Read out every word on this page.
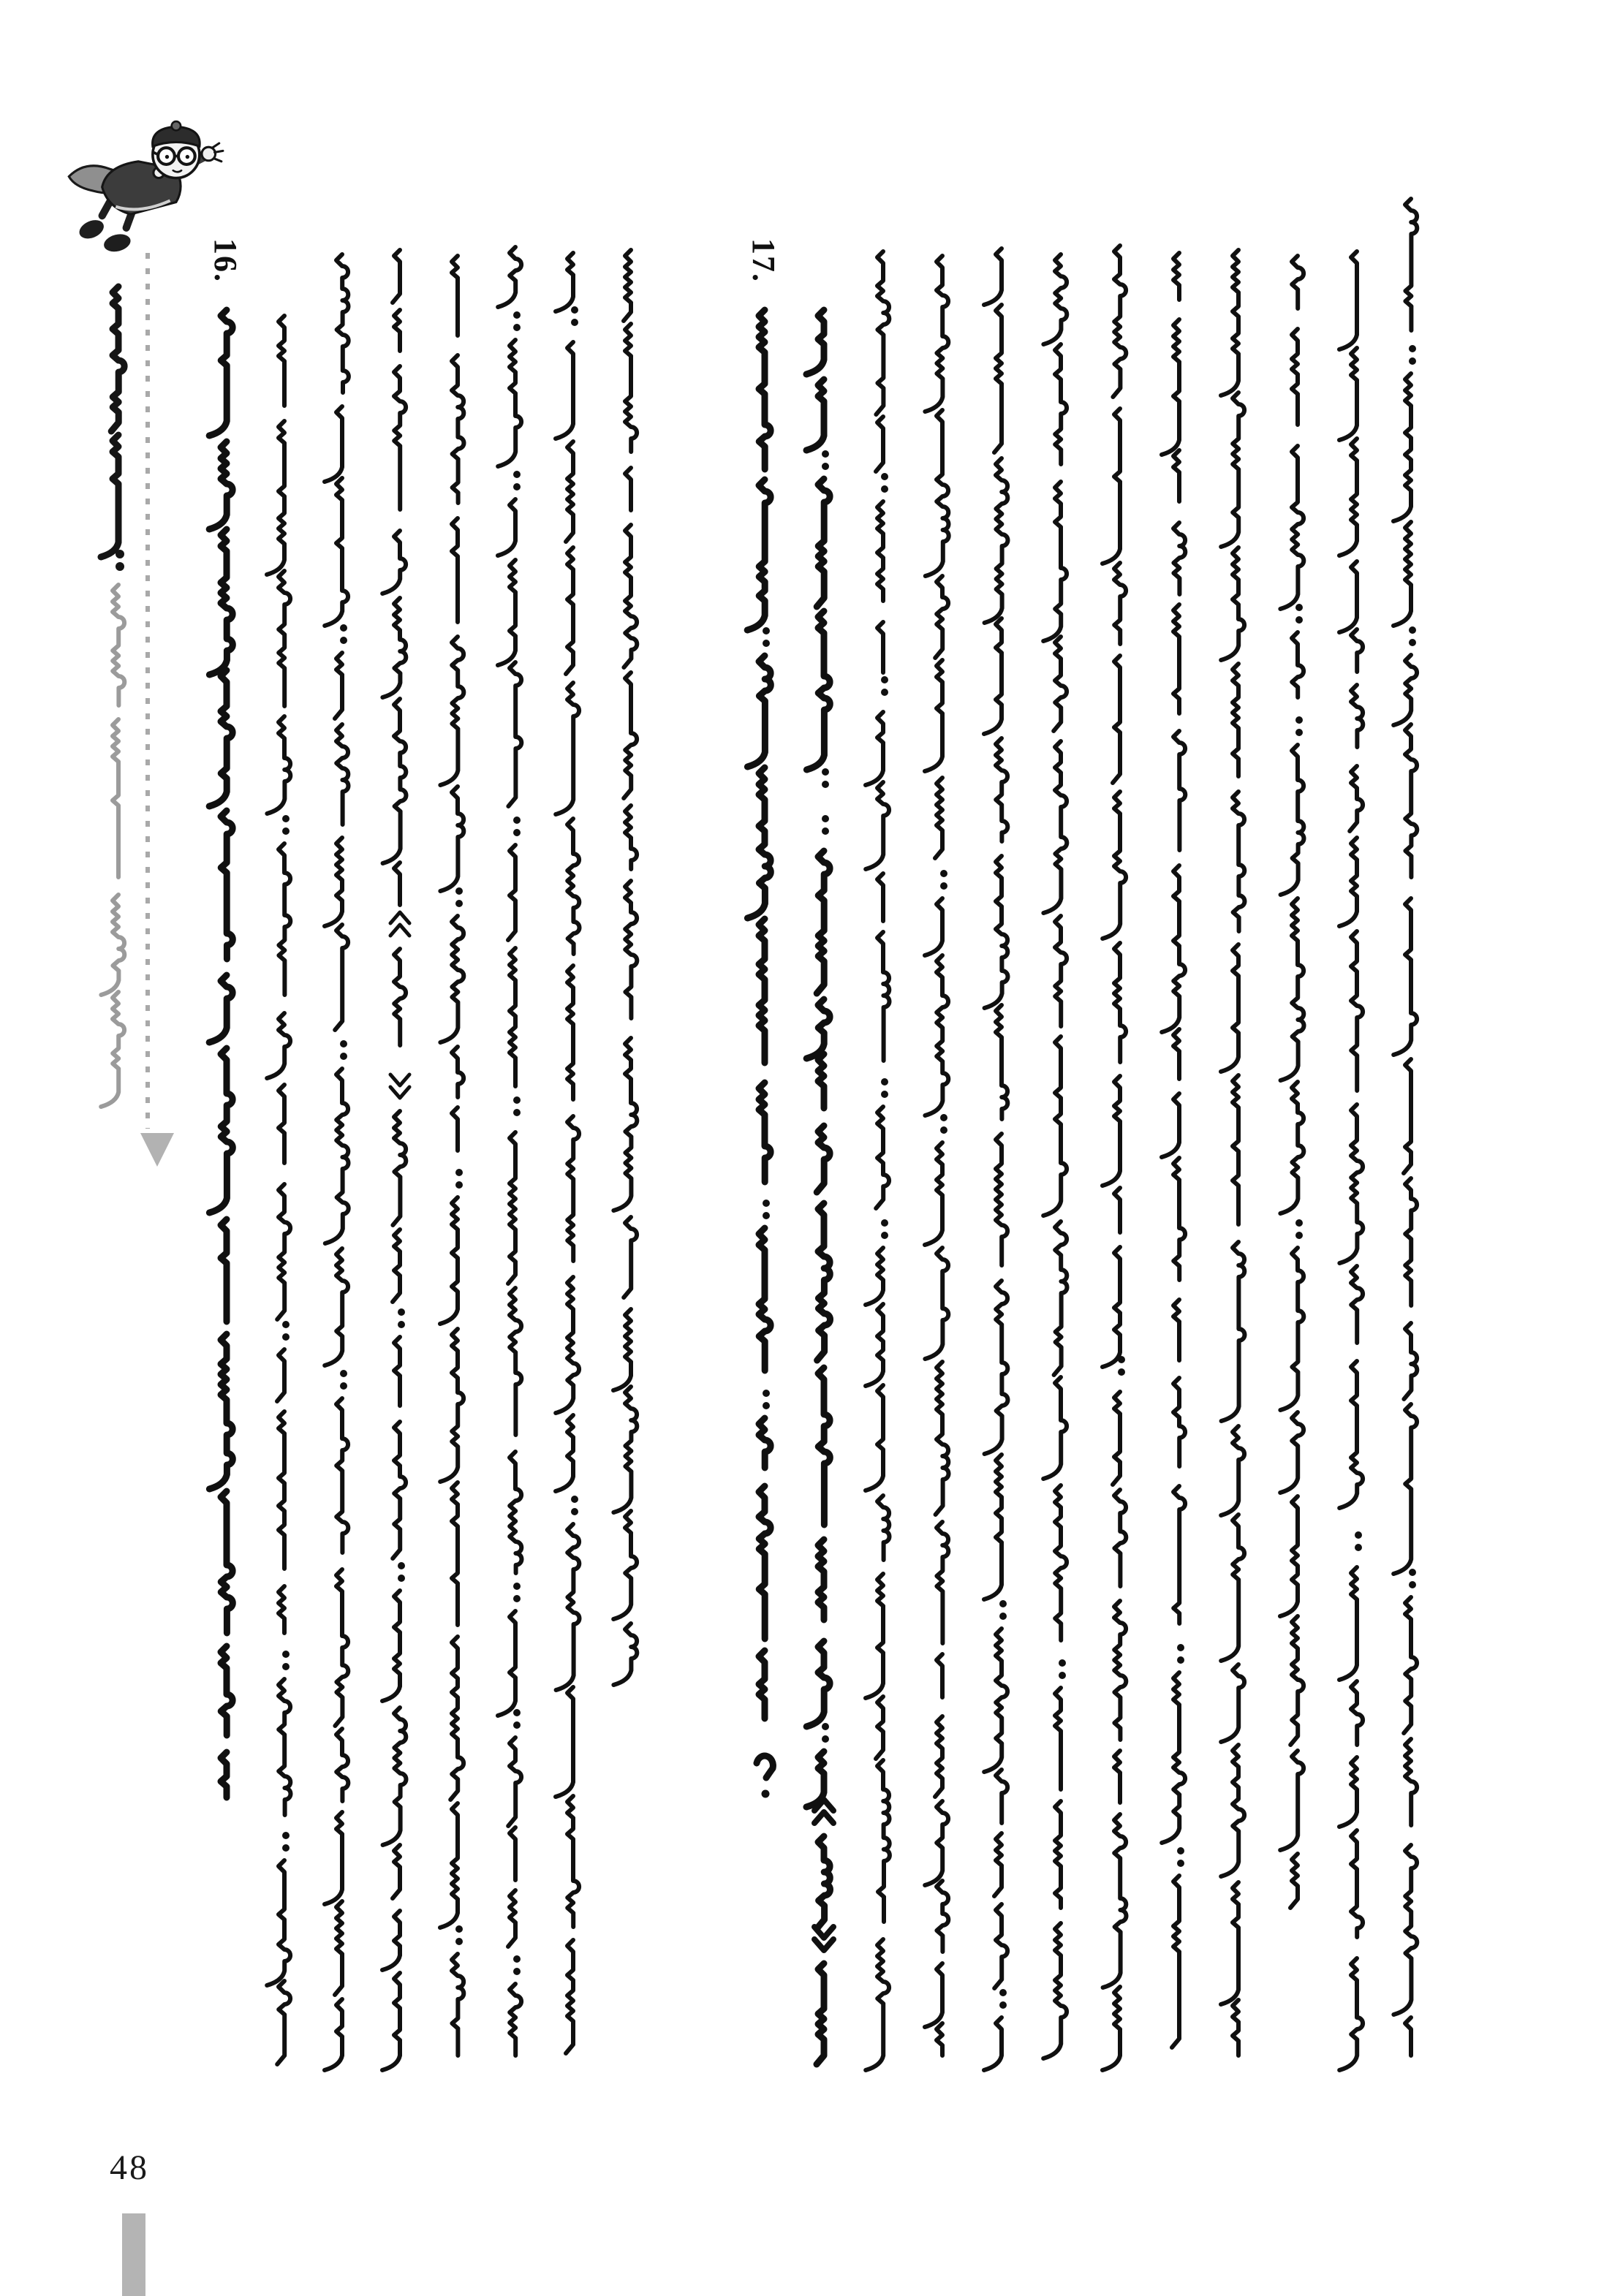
16.	17.
48
